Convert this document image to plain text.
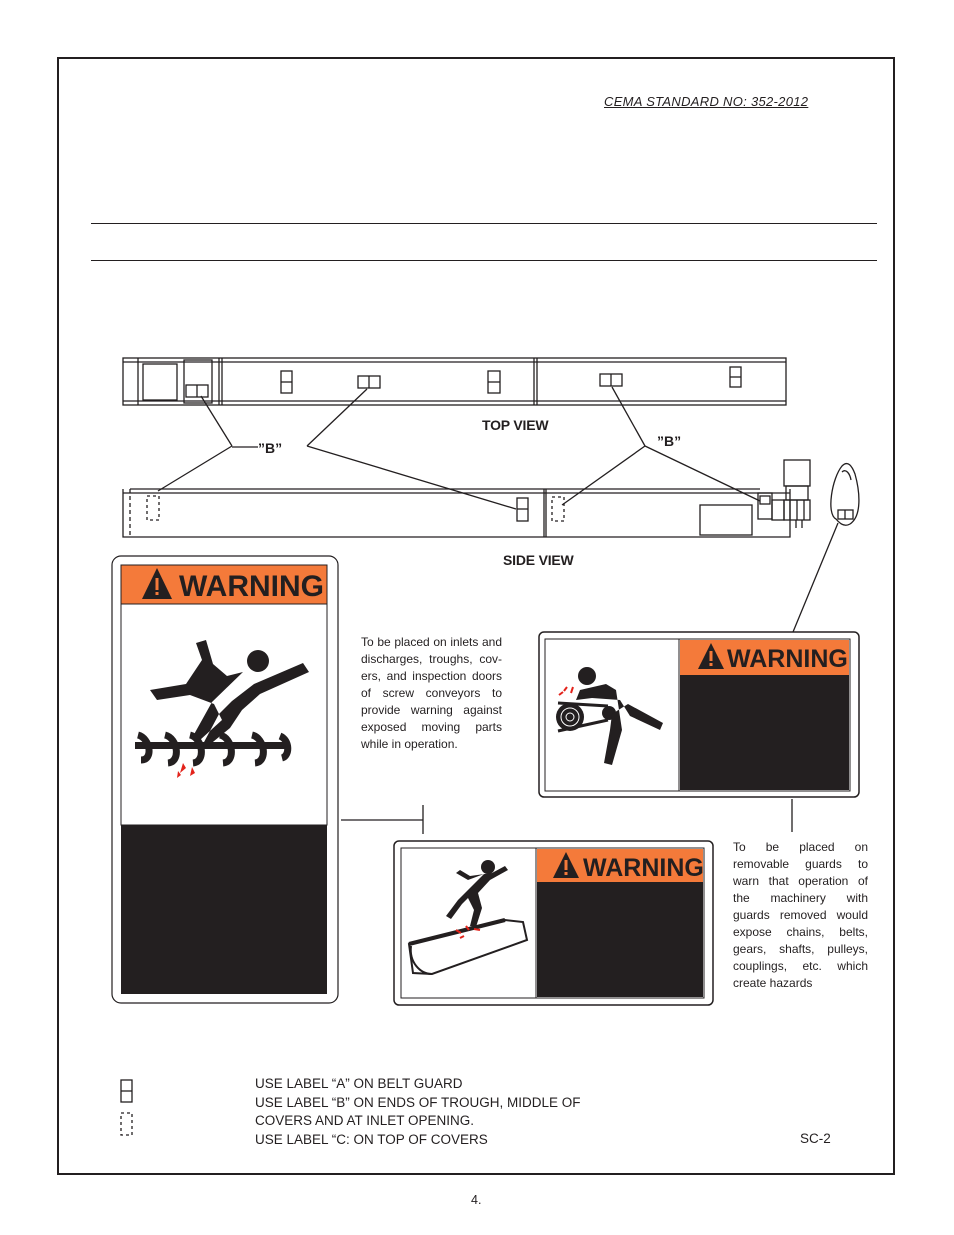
CEMA STANDARD NO: 352-2012
TOP VIEW
SIDE VIEW
”B”	”B”
WARNING
WARNING
WARNING
To be placed on inlets and
discharges, troughs, cov-
ers, and inspection doors
of screw conveyors to
provide warning against
exposed moving parts
while in operation.
To be placed on
removable guards to
warn that operation of
the machinery with
guards removed would
expose chains, belts,
gears, shafts, pulleys,
couplings, etc. which
create hazards
USE LABEL “A” ON BELT GUARD
USE LABEL “B” ON ENDS OF TROUGH, MIDDLE OF
COVERS AND AT INLET OPENING.
USE LABEL “C: ON TOP OF COVERS	SC-2
4.
